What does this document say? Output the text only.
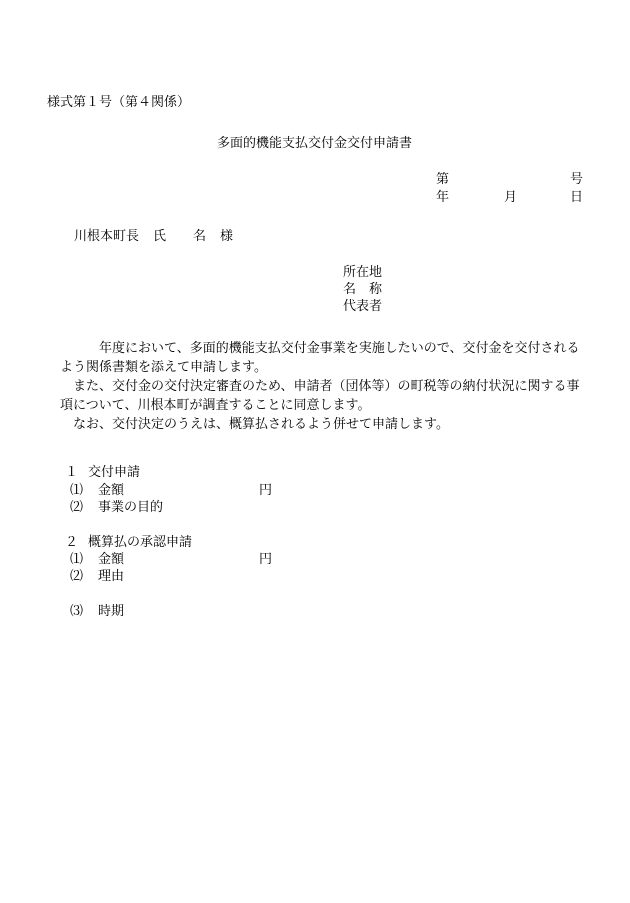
様式第１号（第４関係）
多面的機能支払交付金交付申請書
第	号
年	月	日
川根本町長 氏 名 様
所在地
名 称
代表者

年度において、多面的機能支払交付金事業を実施したいので、交付金を交付されるよう関係書類を添えて申請します。

また、交付金の交付決定審査のため、申請者（団体等）の町税等の納付状況に関する事項について、川根本町が調査することに同意します。

なお、交付決定のうえは、概算払されるよう併せて申請します。

１ 交付申請
⑴ 金額	円
⑵ 事業の目的
２ 概算払の承認申請
⑴ 金額	円
⑵ 理由
⑶ 時期
